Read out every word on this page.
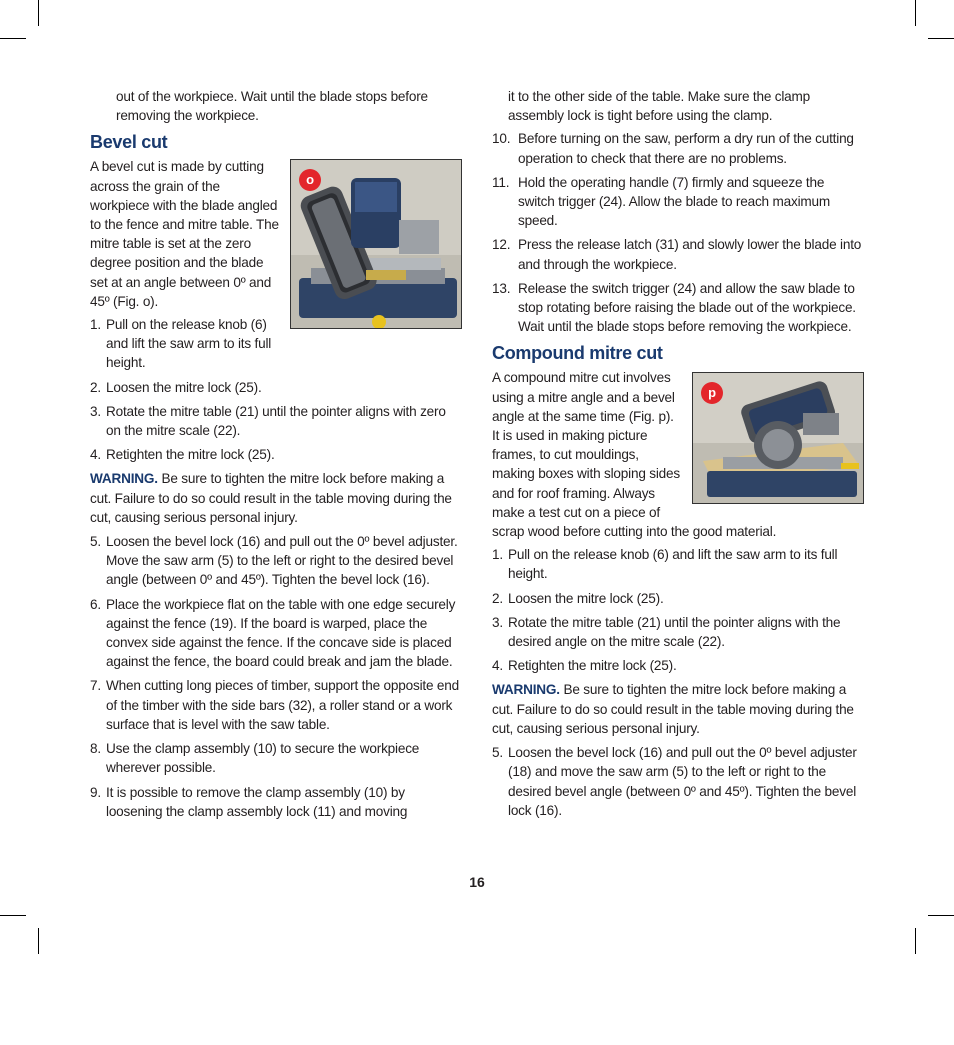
out of the workpiece. Wait until the blade stops before removing the workpiece.

Bevel cut
o

A bevel cut is made by cutting across the grain of the workpiece with the blade angled to the fence and mitre table. The mitre table is set at the zero degree position and the blade set at an angle between 0º and 45º (Fig. o).

1. Pull on the release knob (6) and lift the saw arm to its full height.
2. Loosen the mitre lock (25).
3. Rotate the mitre table (21) until the pointer aligns with zero on the mitre scale (22).
4. Retighten the mitre lock (25).

WARNING. Be sure to tighten the mitre lock before making a cut. Failure to do so could result in the table moving during the cut, causing serious personal injury.

5. Loosen the bevel lock (16) and pull out the 0º bevel adjuster. Move the saw arm (5) to the left or right to the desired bevel angle (between 0º and 45º). Tighten the bevel lock (16).
6. Place the workpiece flat on the table with one edge securely against the fence (19). If the board is warped, place the convex side against the fence. If the concave side is placed against the fence, the board could break and jam the blade.
7. When cutting long pieces of timber, support the opposite end of the timber with the side bars (32), a roller stand or a work surface that is level with the saw table.
8. Use the clamp assembly (10) to secure the workpiece wherever possible.
9. It is possible to remove the clamp assembly (10) by loosening the clamp assembly lock (11) and moving

it to the other side of the table. Make sure the clamp assembly lock is tight before using the clamp.

10. Before turning on the saw, perform a dry run of the cutting operation to check that there are no problems.
11. Hold the operating handle (7) firmly and squeeze the switch trigger (24). Allow the blade to reach maximum speed.
12. Press the release latch (31) and slowly lower the blade into and through the workpiece.
13. Release the switch trigger (24) and allow the saw blade to stop rotating before raising the blade out of the workpiece. Wait until the blade stops before removing the workpiece.
Compound mitre cut
p

A compound mitre cut involves using a mitre angle and a bevel angle at the same time (Fig. p). It is used in making picture frames, to cut mouldings, making boxes with sloping sides and for roof framing. Always make a test cut on a piece of scrap wood before cutting into the good material.

1. Pull on the release knob (6) and lift the saw arm to its full height.
2. Loosen the mitre lock (25).
3. Rotate the mitre table (21) until the pointer aligns with the desired angle on the mitre scale (22).
4. Retighten the mitre lock (25).

WARNING. Be sure to tighten the mitre lock before making a cut. Failure to do so could result in the table moving during the cut, causing serious personal injury.

5. Loosen the bevel lock (16) and pull out the 0º bevel adjuster (18) and move the saw arm (5) to the left or right to the desired bevel angle (between 0º and 45º). Tighten the bevel lock (16).
16
